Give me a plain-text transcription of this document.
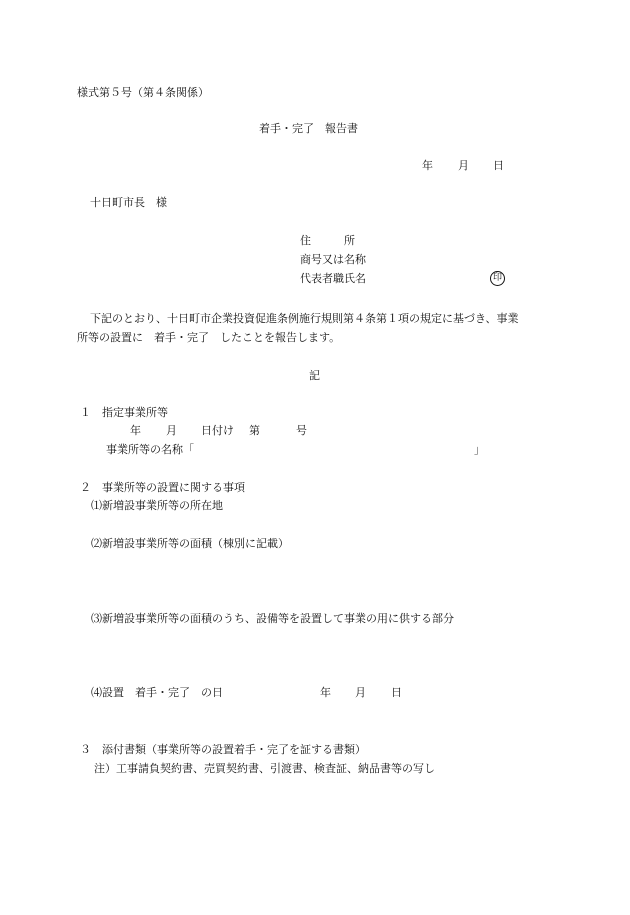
様式第５号（第４条関係）
着手・完了　報告書
年 月 日
十日町市長　様
住　　　所
商号又は名称
代表者職氏名	印
下記のとおり、十日町市企業投資促進条例施行規則第４条第１項の規定に基づき、事業
所等の設置に　着手・完了　したことを報告します。
記
１　指定事業所等
年 月 日付け 第	号
事業所等の名称「	」
２　事業所等の設置に関する事項
⑴新増設事業所等の所在地
⑵新増設事業所等の面積（棟別に記載）
⑶新増設事業所等の面積のうち、設備等を設置して事業の用に供する部分
⑷設置　着手・完了　の日	年 月 日
３　添付書類（事業所等の設置着手・完了を証する書類）
注）工事請負契約書、売買契約書、引渡書、検査証、納品書等の写し
